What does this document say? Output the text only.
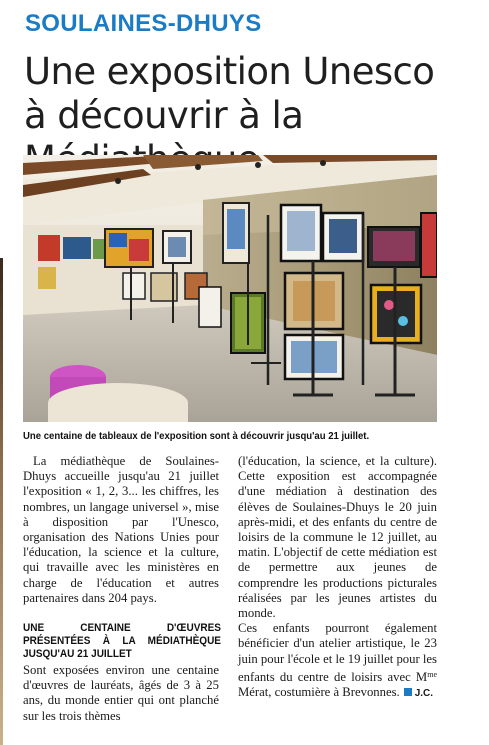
SOULAINES-DHUYS
Une exposition Unesco à découvrir à la
Une centaine de tableaux de l'exposition sont à découvrir jusqu'au 21 juillet.

La médiathèque de Soulaines-Dhuys accueille jusqu'au 21 juillet l'exposition « 1, 2, 3... les chiffres, les nombres, un langage universel », mise à disposition par l'Unesco, organisation des Nations Unies pour l'éducation, la science et la culture, qui travaille avec les ministères en charge de l'éducation et autres partenaires dans 204 pays.

UNE CENTAINE D'ŒUVRES PRÉSENTÉES À LA MÉDIATHÈQUE JUSQU'AU 21 JUILLET

Sont exposées environ une centaine d'œuvres de lauréats, âgés de 3 à 25 ans, du monde entier qui ont planché sur les trois thèmes

(l'éducation, la science, et la culture). Cette exposition est accompagnée d'une médiation à destination des élèves de Soulaines-Dhuys le 20 juin après-midi, et des enfants du centre de loisirs de la commune le 12 juillet, au matin. L'objectif de cette médiation est de permettre aux jeunes de comprendre les productions picturales réalisées par les jeunes artistes du monde.

Ces enfants pourront également bénéficier d'un atelier artistique, le 23 juin pour l'école et le 19 juillet pour les enfants du centre de loisirs avec $M^{me}$ Mérat, costumière à Brevonnes. J.C.
